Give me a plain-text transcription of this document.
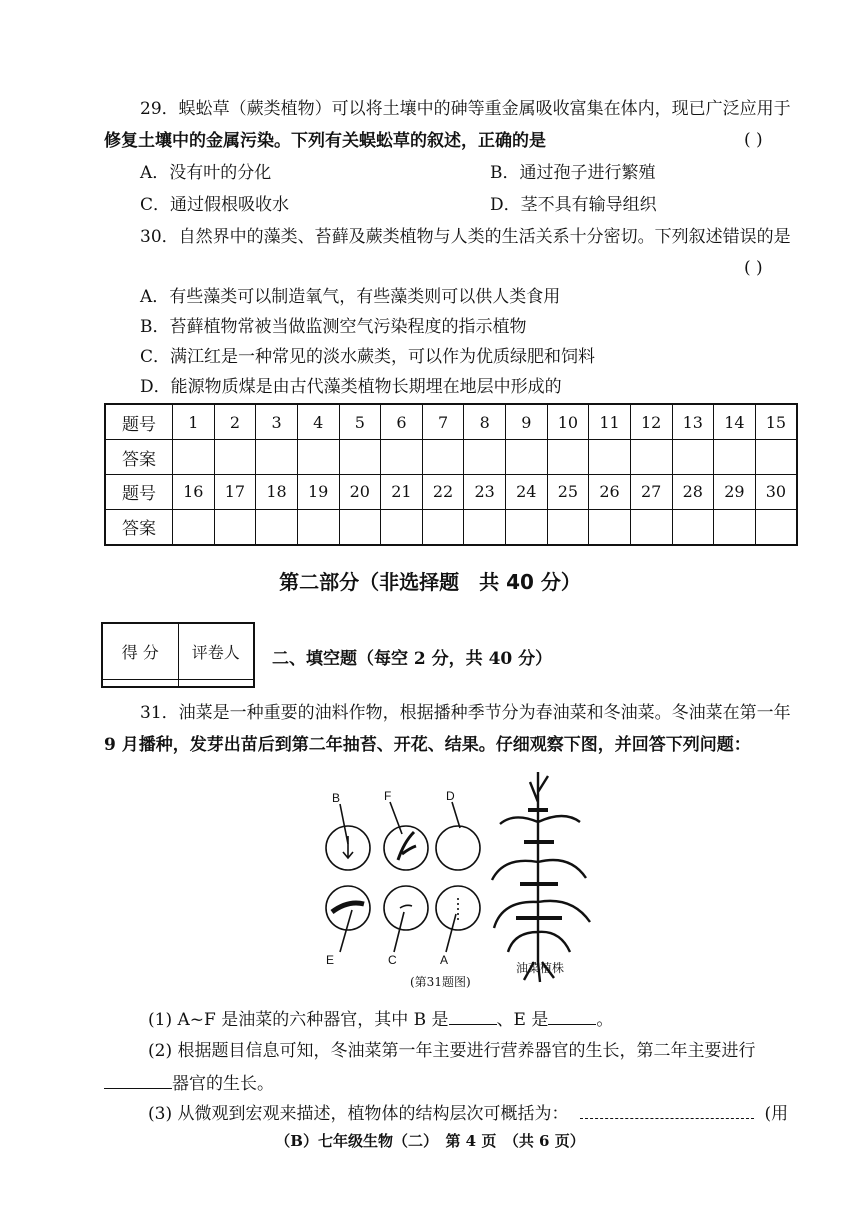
29．蜈蚣草（蕨类植物）可以将土壤中的砷等重金属吸收富集在体内，现已广泛应用于
修复土壤中的金属污染。下列有关蜈蚣草的叙述，正确的是	( )
A．没有叶的分化	B．通过孢子进行繁殖
C．通过假根吸收水	D．茎不具有输导组织
30．自然界中的藻类、苔藓及蕨类植物与人类的生活关系十分密切。下列叙述错误的是
( )
A．有些藻类可以制造氧气，有些藻类则可以供人类食用
B．苔藓植物常被当做监测空气污染程度的指示植物
C．满江红是一种常见的淡水蕨类，可以作为优质绿肥和饲料
D．能源物质煤是由古代藻类植物长期埋在地层中形成的
题号	1	2	3	4	5	6	7	8	9	10	11	12	13	14	15
答案															
题号	16	17	18	19	20	21	22	23	24	25	26	27	28	29	30
答案															
第二部分（非选择题　共 40 分）
得 分	评卷人
	二、填空题（每空 2 分，共 40 分）
31．油菜是一种重要的油料作物，根据播种季节分为春油菜和冬油菜。冬油菜在第一年
9 月播种，发芽出苗后到第二年抽苔、开花、结果。仔细观察下图，并回答下列问题：
B	F	D
E	C	A
油菜植株
(第31题图)
(1) A~F 是油菜的六种器官，其中 B 是	、E 是	。
(2) 根据题目信息可知，冬油菜第一年主要进行营养器官的生长，第二年主要进行
器官的生长。
(3) 从微观到宏观来描述，植物体的结构层次可概括为：	(用
（B）七年级生物（二）　第 4 页　（共 6 页）
